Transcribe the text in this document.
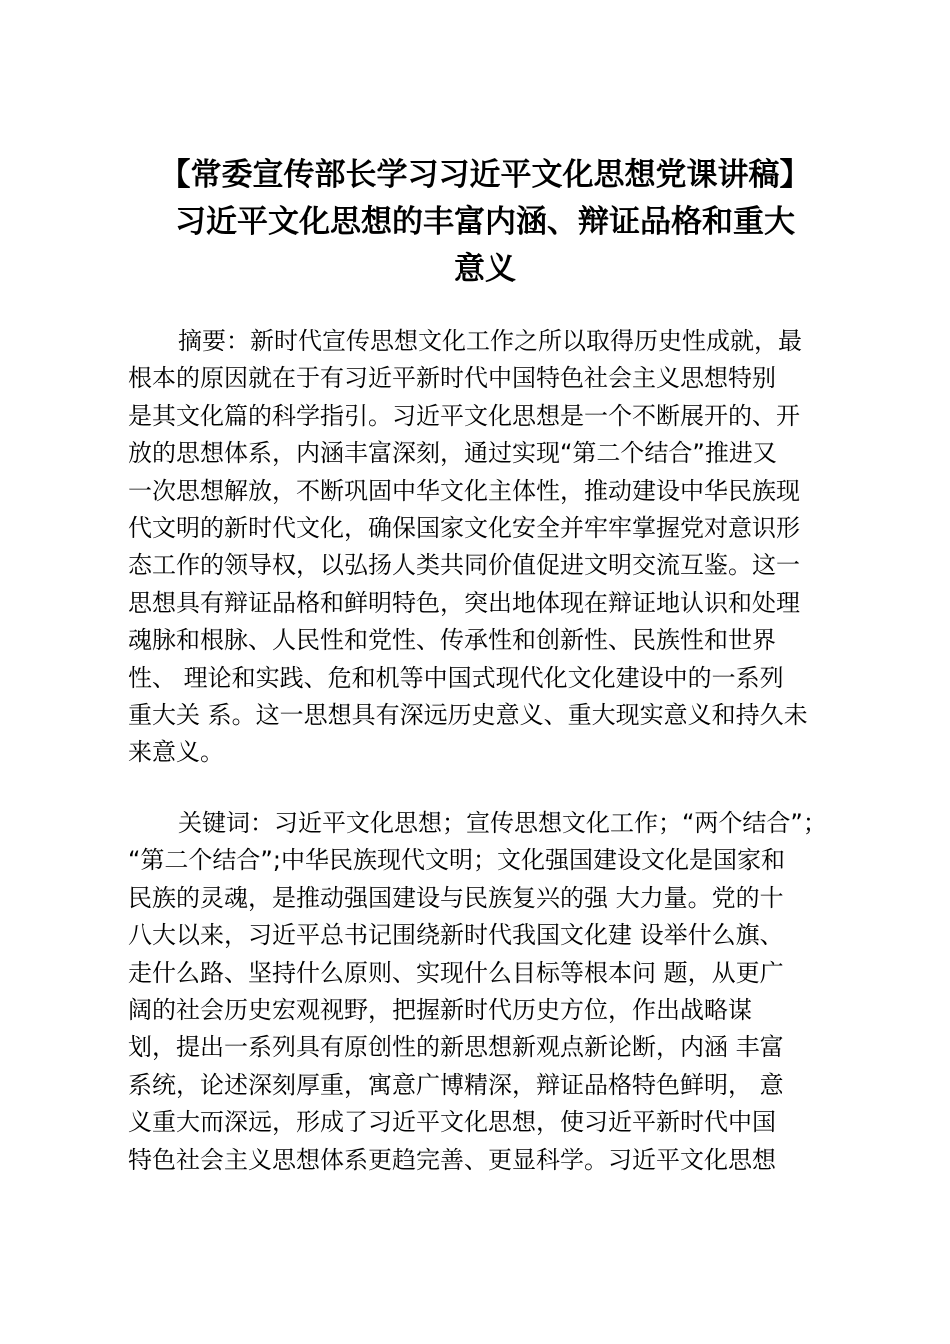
【常委宣传部长学习习近平文化思想党课讲稿】
习近平文化思想的丰富内涵、辩证品格和重大
意义
摘要：新时代宣传思想文化工作之所以取得历史性成就，最
根本的原因就在于有习近平新时代中国特色社会主义思想特别
是其文化篇的科学指引。习近平文化思想是一个不断展开的、开
放的思想体系，内涵丰富深刻，通过实现“第二个结合”推进又
一次思想解放，不断巩固中华文化主体性，推动建设中华民族现
代文明的新时代文化，确保国家文化安全并牢牢掌握党对意识形
态工作的领导权，以弘扬人类共同价值促进文明交流互鉴。这一
思想具有辩证品格和鲜明特色，突出地体现在辩证地认识和处理
魂脉和根脉、人民性和党性、传承性和创新性、民族性和世界
性、 理论和实践、危和机等中国式现代化文化建设中的一系列
重大关 系。这一思想具有深远历史意义、重大现实意义和持久未
来意义。
关键词：习近平文化思想；宣传思想文化工作；“两个结合”；
“第二个结合”;中华民族现代文明；文化强国建设文化是国家和
民族的灵魂，是推动强国建设与民族复兴的强 大力量。党的十
八大以来，习近平总书记围绕新时代我国文化建 设举什么旗、
走什么路、坚持什么原则、实现什么目标等根本问 题，从更广
阔的社会历史宏观视野，把握新时代历史方位，作出战略谋
划，提出一系列具有原创性的新思想新观点新论断，内涵 丰富
系统，论述深刻厚重，寓意广博精深，辩证品格特色鲜明， 意
义重大而深远，形成了习近平文化思想，使习近平新时代中国
特色社会主义思想体系更趋完善、更显科学。习近平文化思想
